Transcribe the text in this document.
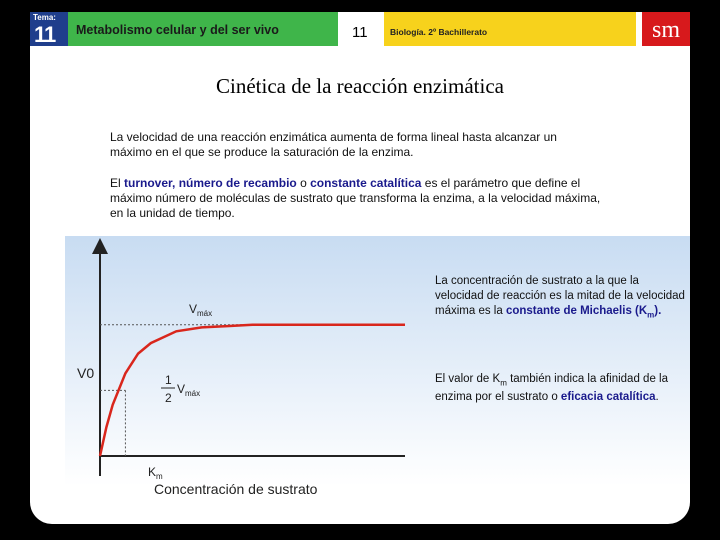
Tema:
11 Metabolismo celular y del ser vivo	11	Biología. 2º Bachillerato	sm
Cinética de la reacción enzimática
La velocidad de una reacción enzimática aumenta de forma lineal hasta alcanzar un máximo en el que se produce la saturación de la enzima.
El turnover, número de recambio o constante catalítica es el parámetro que define el máximo número de moléculas de sustrato que transforma la enzima, a la velocidad máxima, en la unidad de tiempo.
V0
$V_{máx}$
1
2
$V_{máx}$
$K_m$
Concentración de sustrato
La concentración de sustrato a la que la velocidad de reacción es la mitad de la velocidad máxima es la constante de Michaelis $(K_m)$.
El valor de $K_m$ también indica la afinidad de la enzima por el sustrato o eficacia catalítica.
